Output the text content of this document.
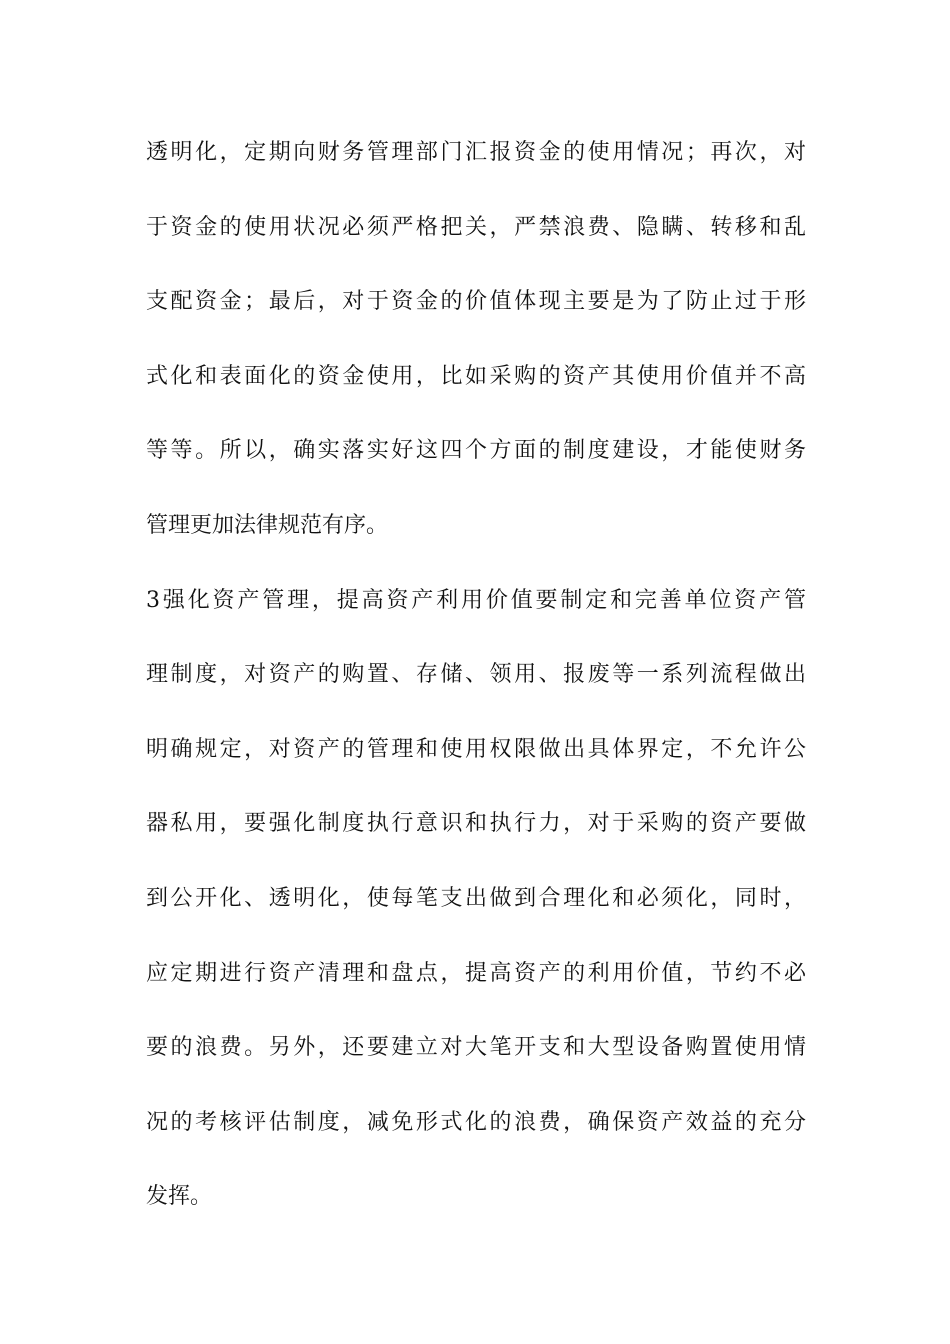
透明化，定期向财务管理部门汇报资金的使用情况；再次，对
于资金的使用状况必须严格把关，严禁浪费、隐瞒、转移和乱
支配资金；最后，对于资金的价值体现主要是为了防止过于形
式化和表面化的资金使用，比如采购的资产其使用价值并不高
等等。所以，确实落实好这四个方面的制度建设，才能使财务
管理更加法律规范有序。
3强化资产管理，提高资产利用价值要制定和完善单位资产管
理制度，对资产的购置、存储、领用、报废等一系列流程做出
明确规定，对资产的管理和使用权限做出具体界定，不允许公
器私用，要强化制度执行意识和执行力，对于采购的资产要做
到公开化、透明化，使每笔支出做到合理化和必须化，同时，
应定期进行资产清理和盘点，提高资产的利用价值，节约不必
要的浪费。另外，还要建立对大笔开支和大型设备购置使用情
况的考核评估制度，减免形式化的浪费，确保资产效益的充分
发挥。
